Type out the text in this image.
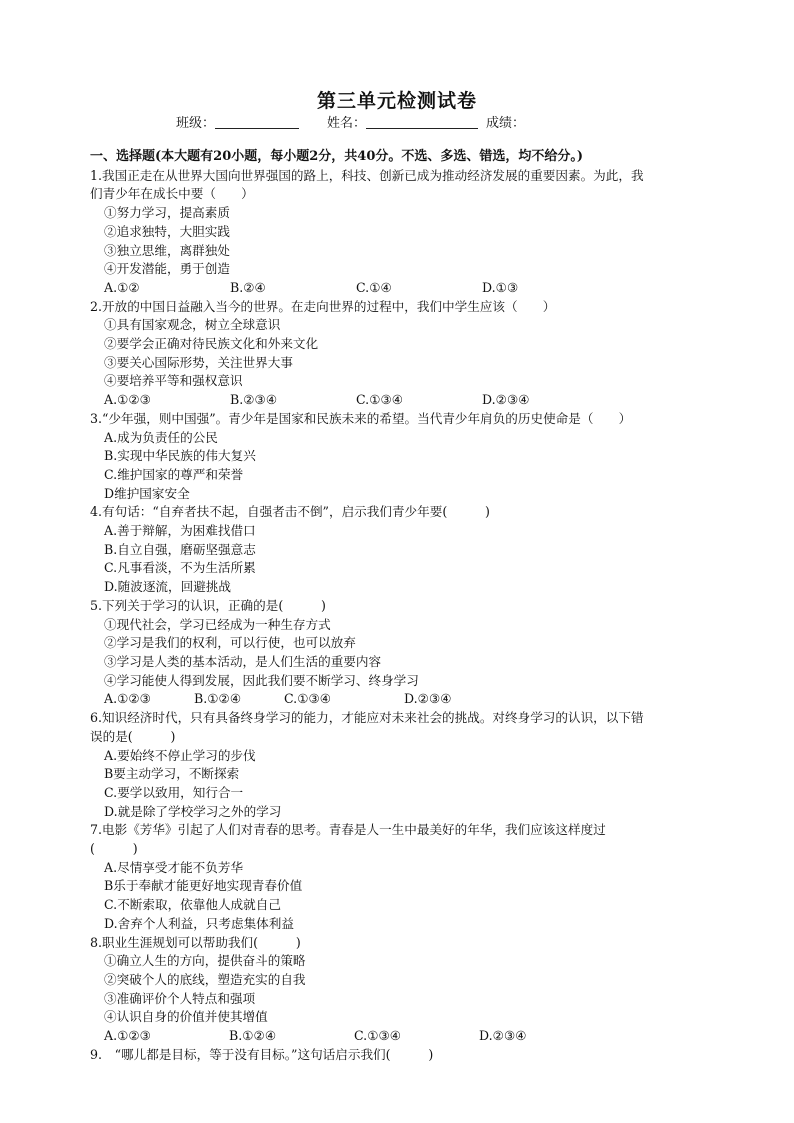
第三单元检测试卷
班级：	姓名：	成绩：
一、选择题(本大题有20小题，每小题2分，共40分。不选、多选、错选，均不给分。)
1.我国正走在从世界大国向世界强国的路上，科技、创新已成为推动经济发展的重要因素。为此，我
们青少年在成长中要（　　）
①努力学习，提高素质
②追求独特，大胆实践
③独立思维，离群独处
④开发潜能，勇于创造
A.①②	B.②④	C.①④	D.①③
2.开放的中国日益融入当今的世界。在走向世界的过程中，我们中学生应该（　　）
①具有国家观念，树立全球意识
②要学会正确对待民族文化和外来文化
③要关心国际形势，关注世界大事
④要培养平等和强权意识
A.①②③	B.②③④	C.①③④	D.②③④
3.“少年强，则中国强”。青少年是国家和民族未来的希望。当代青少年肩负的历史使命是（　　）
A.成为负责任的公民
B.实现中华民族的伟大复兴
C.维护国家的尊严和荣誉
D维护国家安全
4.有句话：“自弃者扶不起，自强者击不倒”，启示我们青少年要(　　　)
A.善于辩解，为困难找借口
B.自立自强，磨砺坚强意志
C.凡事看淡，不为生活所累
D.随波逐流，回避挑战
5.下列关于学习的认识，正确的是(　　　)
①现代社会，学习已经成为一种生存方式
②学习是我们的权利，可以行使，也可以放弃
③学习是人类的基本活动，是人们生活的重要内容
④学习能使人得到发展，因此我们要不断学习、终身学习
A.①②③	B.①②④	C.①③④	D.②③④
6.知识经济时代，只有具备终身学习的能力，才能应对未来社会的挑战。对终身学习的认识，以下错
误的是(　　　)
A.要始终不停止学习的步伐
B要主动学习，不断探索
C.要学以致用，知行合一
D.就是除了学校学习之外的学习
7.电影《芳华》引起了人们对青春的思考。青春是人一生中最美好的年华，我们应该这样度过
(　　　)
A.尽情享受才能不负芳华
B乐于奉献才能更好地实现青春价值
C.不断索取，依靠他人成就自己
D.舍弃个人利益，只考虑集体利益
8.职业生涯规划可以帮助我们(　　　)
①确立人生的方向，提供奋斗的策略
②突破个人的底线，塑造充实的自我
③准确评价个人特点和强项
④认识自身的价值并使其增值
A.①②③	B.①②④	C.①③④	D.②③④
9.　“哪儿都是目标，等于没有目标。”这句话启示我们(　　　)
